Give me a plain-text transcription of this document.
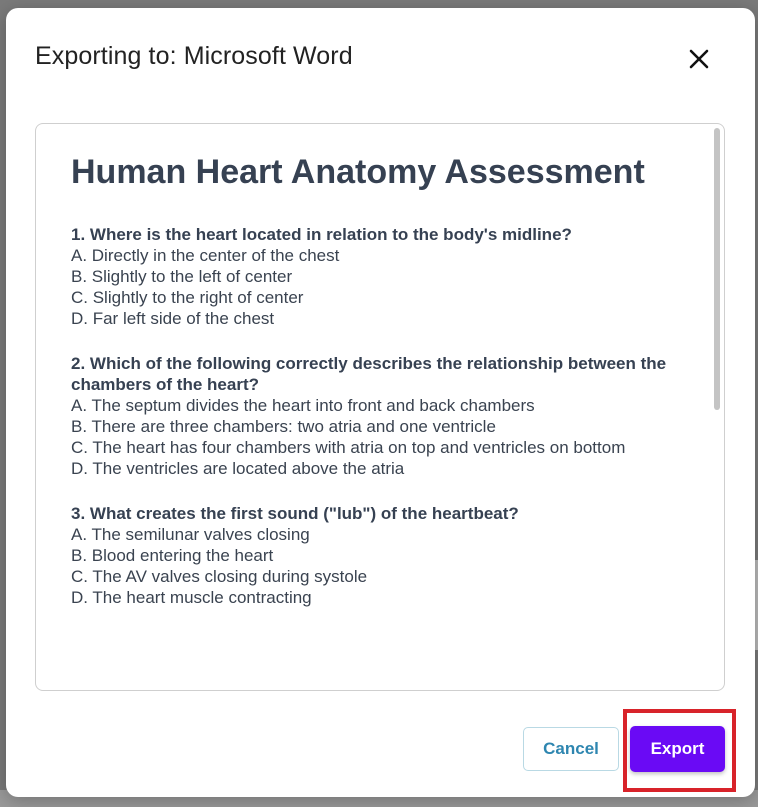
Exporting to: Microsoft Word
Human Heart Anatomy Assessment
1. Where is the heart located in relation to the body's midline?
A. Directly in the center of the chest
B. Slightly to the left of center
C. Slightly to the right of center
D. Far left side of the chest
2. Which of the following correctly describes the relationship between the chambers of the heart?
A. The septum divides the heart into front and back chambers
B. There are three chambers: two atria and one ventricle
C. The heart has four chambers with atria on top and ventricles on bottom
D. The ventricles are located above the atria
3. What creates the first sound ("lub") of the heartbeat?
A. The semilunar valves closing
B. Blood entering the heart
C. The AV valves closing during systole
D. The heart muscle contracting
Cancel	Export
